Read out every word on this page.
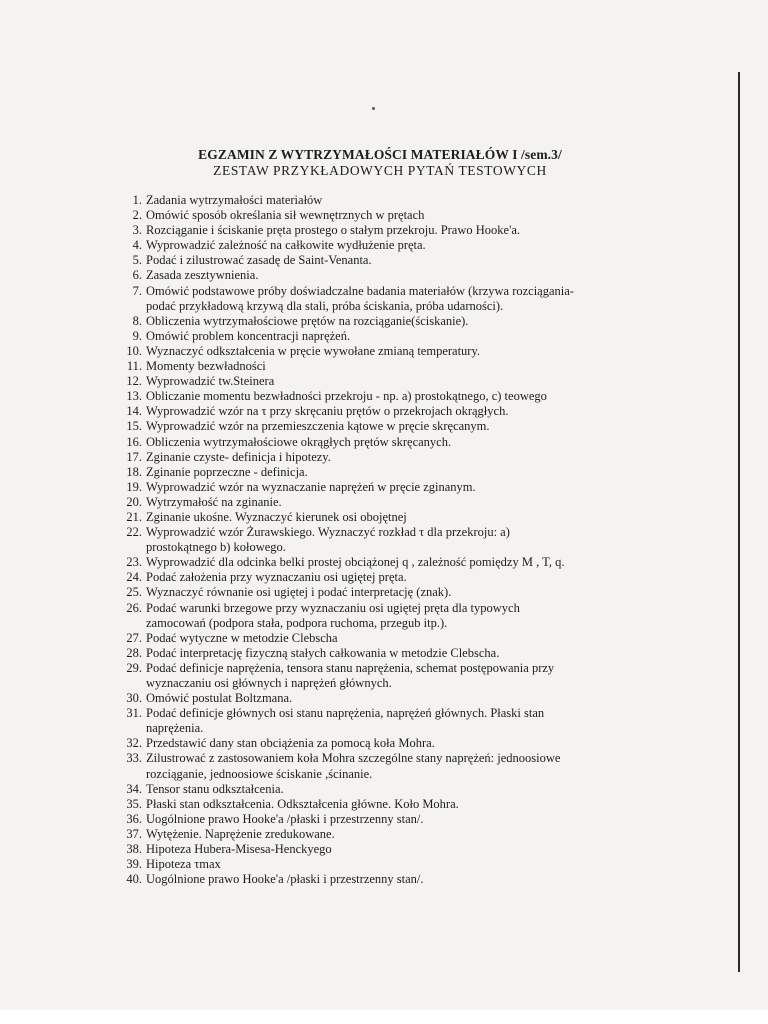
EGZAMIN Z WYTRZYMAŁOŚCI MATERIAŁÓW I /sem.3/
ZESTAW PRZYKŁADOWYCH PYTAŃ TESTOWYCH
1. Zadania wytrzymałości materiałów
2. Omówić sposób określania sił wewnętrznych w prętach
3. Rozciąganie i ściskanie pręta prostego o stałym przekroju. Prawo Hooke'a.
4. Wyprowadzić zależność na całkowite wydłużenie pręta.
5. Podać i zilustrować zasadę de Saint-Venanta.
6. Zasada zesztywnienia.
7. Omówić podstawowe próby doświadczalne badania materiałów (krzywa rozciągania-
podać przykładową krzywą dla stali, próba ściskania, próba udarności).
8. Obliczenia wytrzymałościowe prętów na rozciąganie(ściskanie).
9. Omówić problem koncentracji naprężeń.
10. Wyznaczyć odkształcenia w pręcie wywołane zmianą temperatury.
11. Momenty bezwładności
12. Wyprowadzić tw.Steinera
13. Obliczanie momentu bezwładności przekroju - np. a) prostokątnego, c) teowego
14. Wyprowadzić wzór na τ przy skręcaniu prętów o przekrojach okrągłych.
15. Wyprowadzić wzór na przemieszczenia kątowe w pręcie skręcanym.
16. Obliczenia wytrzymałościowe okrągłych prętów skręcanych.
17. Zginanie czyste- definicja i hipotezy.
18. Zginanie poprzeczne - definicja.
19. Wyprowadzić wzór na wyznaczanie naprężeń w pręcie zginanym.
20. Wytrzymałość na zginanie.
21. Zginanie ukośne. Wyznaczyć kierunek osi obojętnej
22. Wyprowadzić wzór Żurawskiego. Wyznaczyć rozkład τ dla przekroju: a)
prostokątnego b) kołowego.
23. Wyprowadzić dla odcinka belki prostej obciążonej q , zależność pomiędzy M , T, q.
24. Podać założenia przy wyznaczaniu osi ugiętej pręta.
25. Wyznaczyć równanie osi ugiętej i podać interpretację (znak).
26. Podać warunki brzegowe przy wyznaczaniu osi ugiętej pręta dla typowych
zamocowań (podpora stała, podpora ruchoma, przegub itp.).
27. Podać wytyczne w metodzie Clebscha
28. Podać interpretację fizyczną stałych całkowania w metodzie Clebscha.
29. Podać definicje naprężenia, tensora stanu naprężenia, schemat postępowania przy
wyznaczaniu osi głównych i naprężeń głównych.
30. Omówić postulat Boltzmana.
31. Podać definicje głównych osi stanu naprężenia, naprężeń głównych. Płaski stan
naprężenia.
32. Przedstawić dany stan obciążenia za pomocą koła Mohra.
33. Zilustrować z zastosowaniem koła Mohra szczególne stany naprężeń: jednoosiowe
rozciąganie, jednoosiowe ściskanie ,ścinanie.
34. Tensor stanu odkształcenia.
35. Płaski stan odkształcenia. Odkształcenia główne. Koło Mohra.
36. Uogólnione prawo Hooke'a /płaski i przestrzenny stan/.
37. Wytężenie. Naprężenie zredukowane.
38. Hipoteza Hubera-Misesa-Henckyego
39. Hipoteza τmax
40. Uogólnione prawo Hooke'a /płaski i przestrzenny stan/.
